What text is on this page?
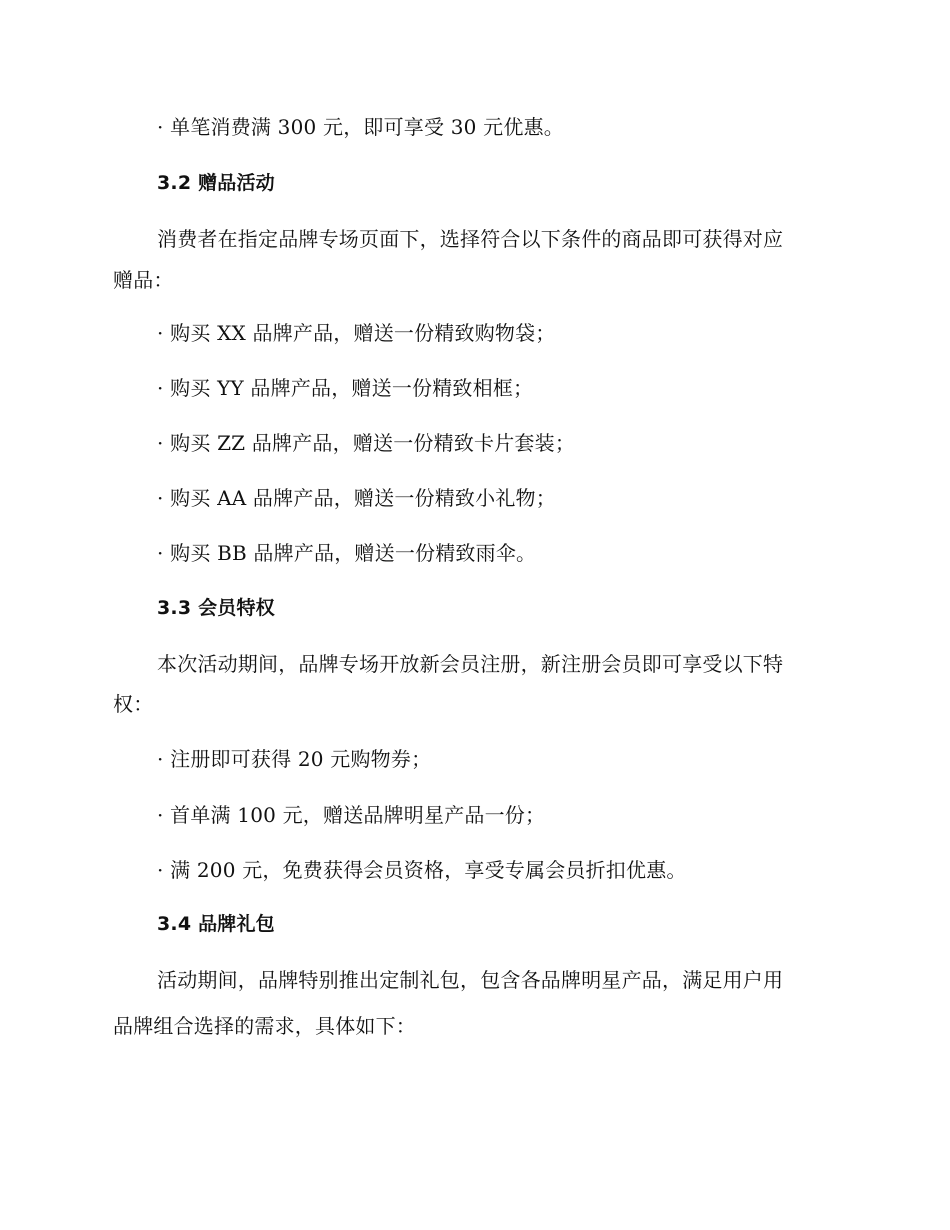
· 单笔消费满 300 元，即可享受 30 元优惠。
3.2 赠品活动
消费者在指定品牌专场页面下，选择符合以下条件的商品即可获得对应
赠品：
· 购买 XX 品牌产品，赠送一份精致购物袋；
· 购买 YY 品牌产品，赠送一份精致相框；
· 购买 ZZ 品牌产品，赠送一份精致卡片套装；
· 购买 AA 品牌产品，赠送一份精致小礼物；
· 购买 BB 品牌产品，赠送一份精致雨伞。
3.3 会员特权
本次活动期间，品牌专场开放新会员注册，新注册会员即可享受以下特
权：
· 注册即可获得 20 元购物券；
· 首单满 100 元，赠送品牌明星产品一份；
· 满 200 元，免费获得会员资格，享受专属会员折扣优惠。
3.4 品牌礼包
活动期间，品牌特别推出定制礼包，包含各品牌明星产品，满足用户用
品牌组合选择的需求，具体如下：
